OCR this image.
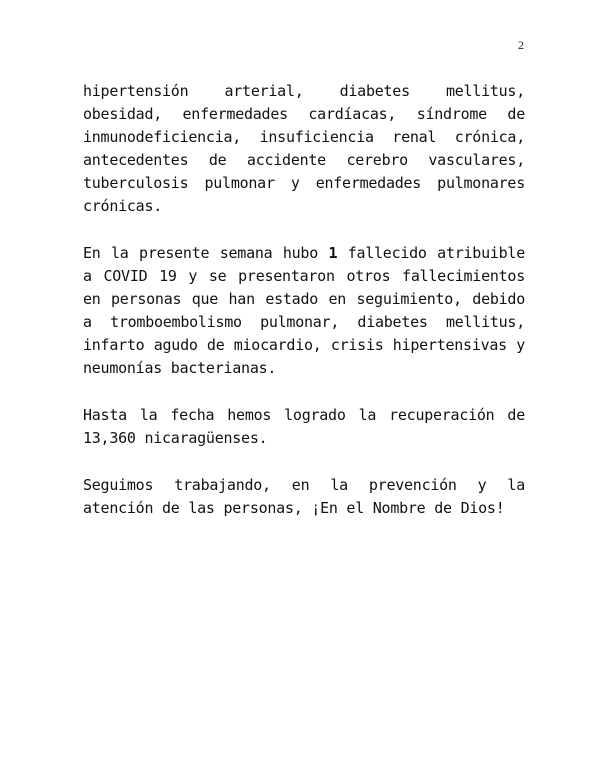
2

hipertensión arterial, diabetes mellitus, obesidad, enfermedades cardíacas, síndrome de inmunodeficiencia, insuficiencia renal crónica, antecedentes de accidente cerebro vasculares, tuberculosis pulmonar y enfermedades pulmonares crónicas.

En la presente semana hubo 1 fallecido atribuible a COVID 19 y se presentaron otros fallecimientos en personas que han estado en seguimiento, debido a tromboembolismo pulmonar, diabetes mellitus, infarto agudo de miocardio, crisis hipertensivas y neumonías bacterianas.

Hasta la fecha hemos logrado la recuperación de 13,360 nicaragüenses.

Seguimos trabajando, en la prevención y la atención de las personas, ¡En el Nombre de Dios!
